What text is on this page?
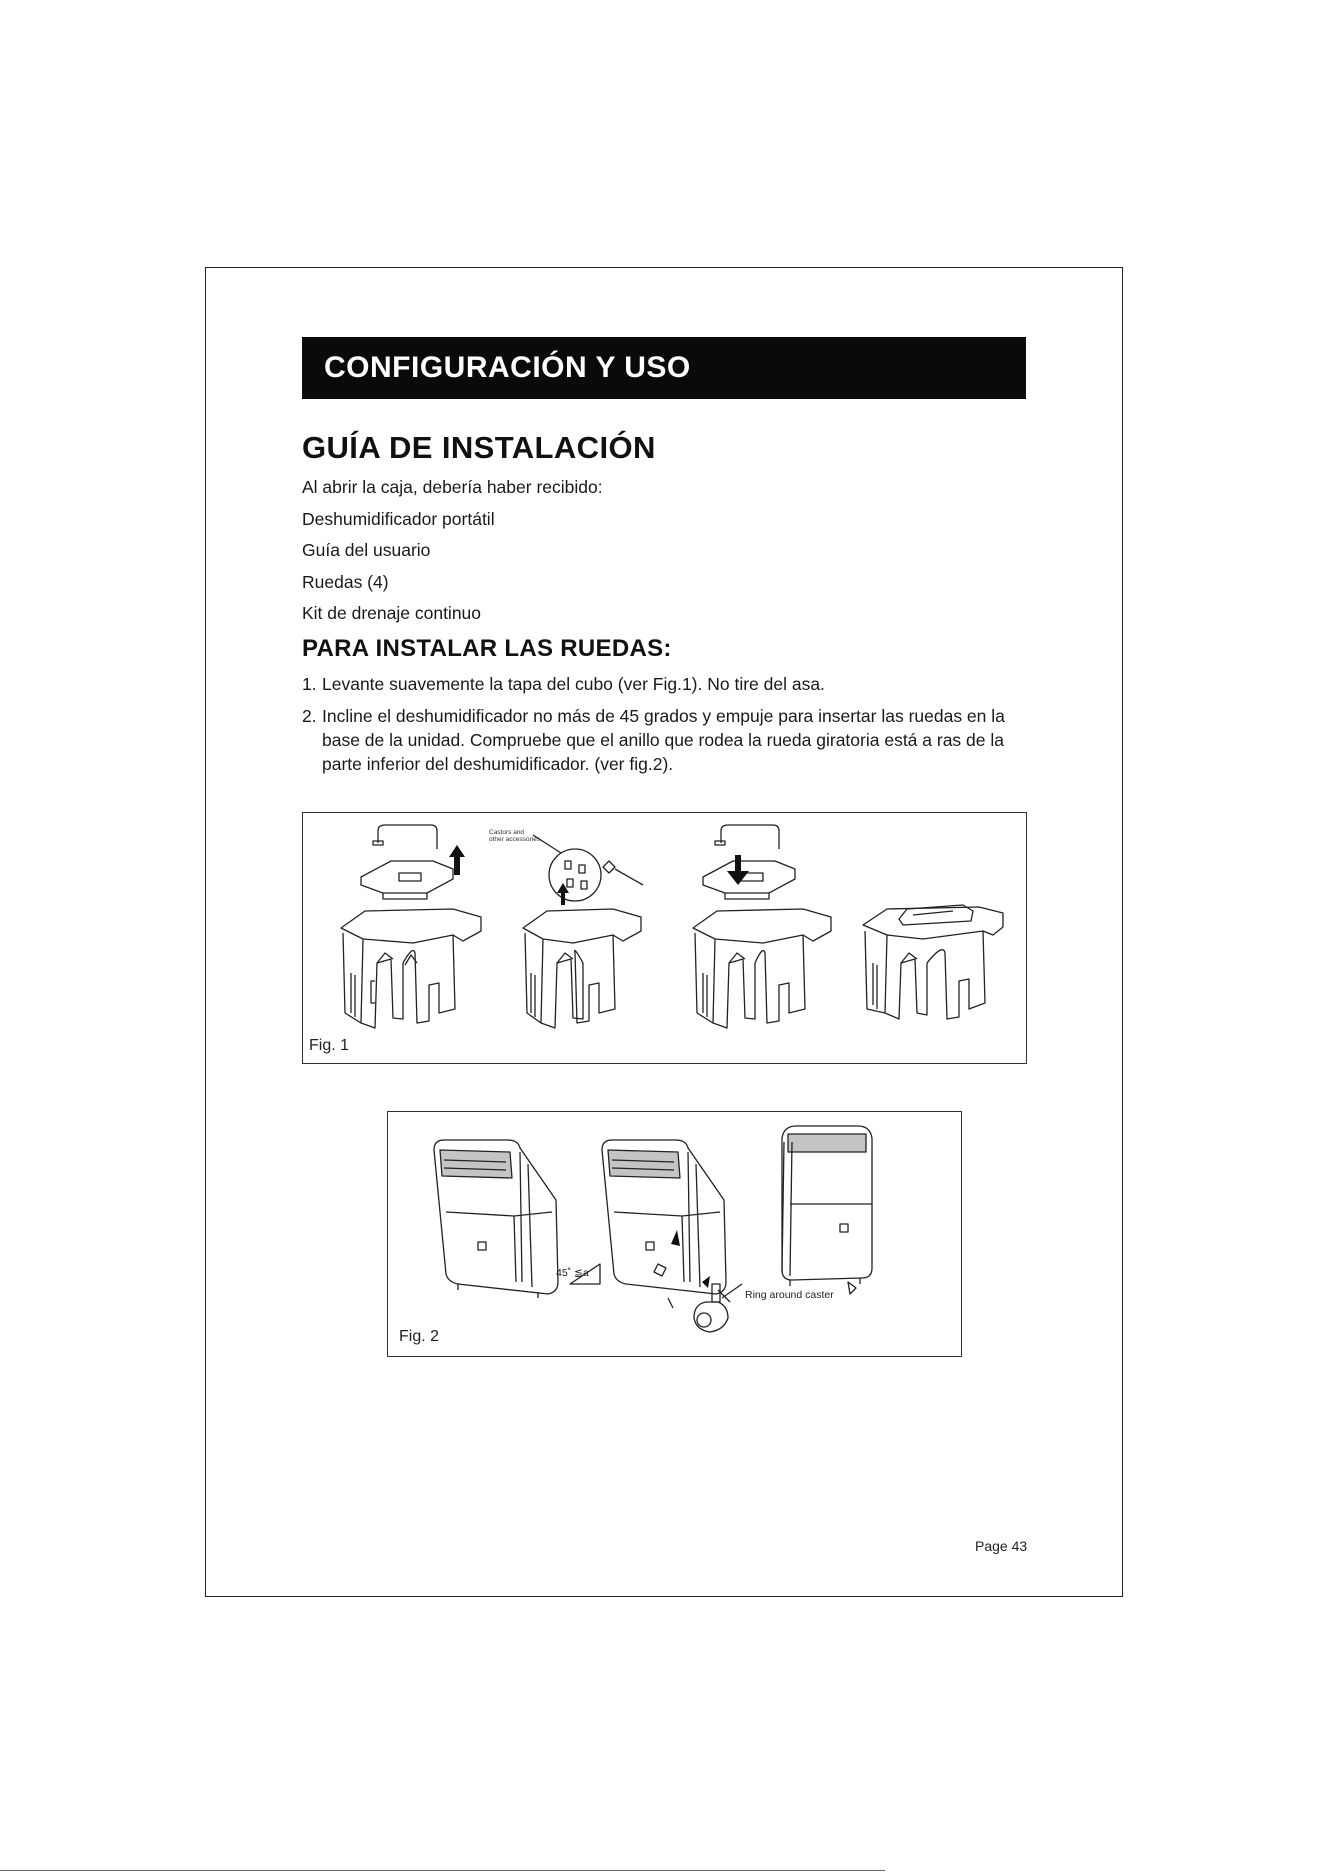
CONFIGURACIÓN Y USO
GUÍA DE INSTALACIÓN
Al abrir la caja, debería haber recibido:
Deshumidificador portátil
Guía del usuario
Ruedas (4)
Kit de drenaje continuo
PARA INSTALAR LAS RUEDAS:
1. Levante suavemente la tapa del cubo (ver Fig.1). No tire del asa.
2. Incline el deshumidificador no más de 45 grados y empuje para insertar las ruedas en la base de la unidad. Compruebe que el anillo que rodea la rueda giratoria está a ras de la parte inferior del deshumidificador. (ver fig.2).
Castors and
other accessories
Fig. 1
45˚ ≦a
Ring around caster
Fig. 2
Page 43
